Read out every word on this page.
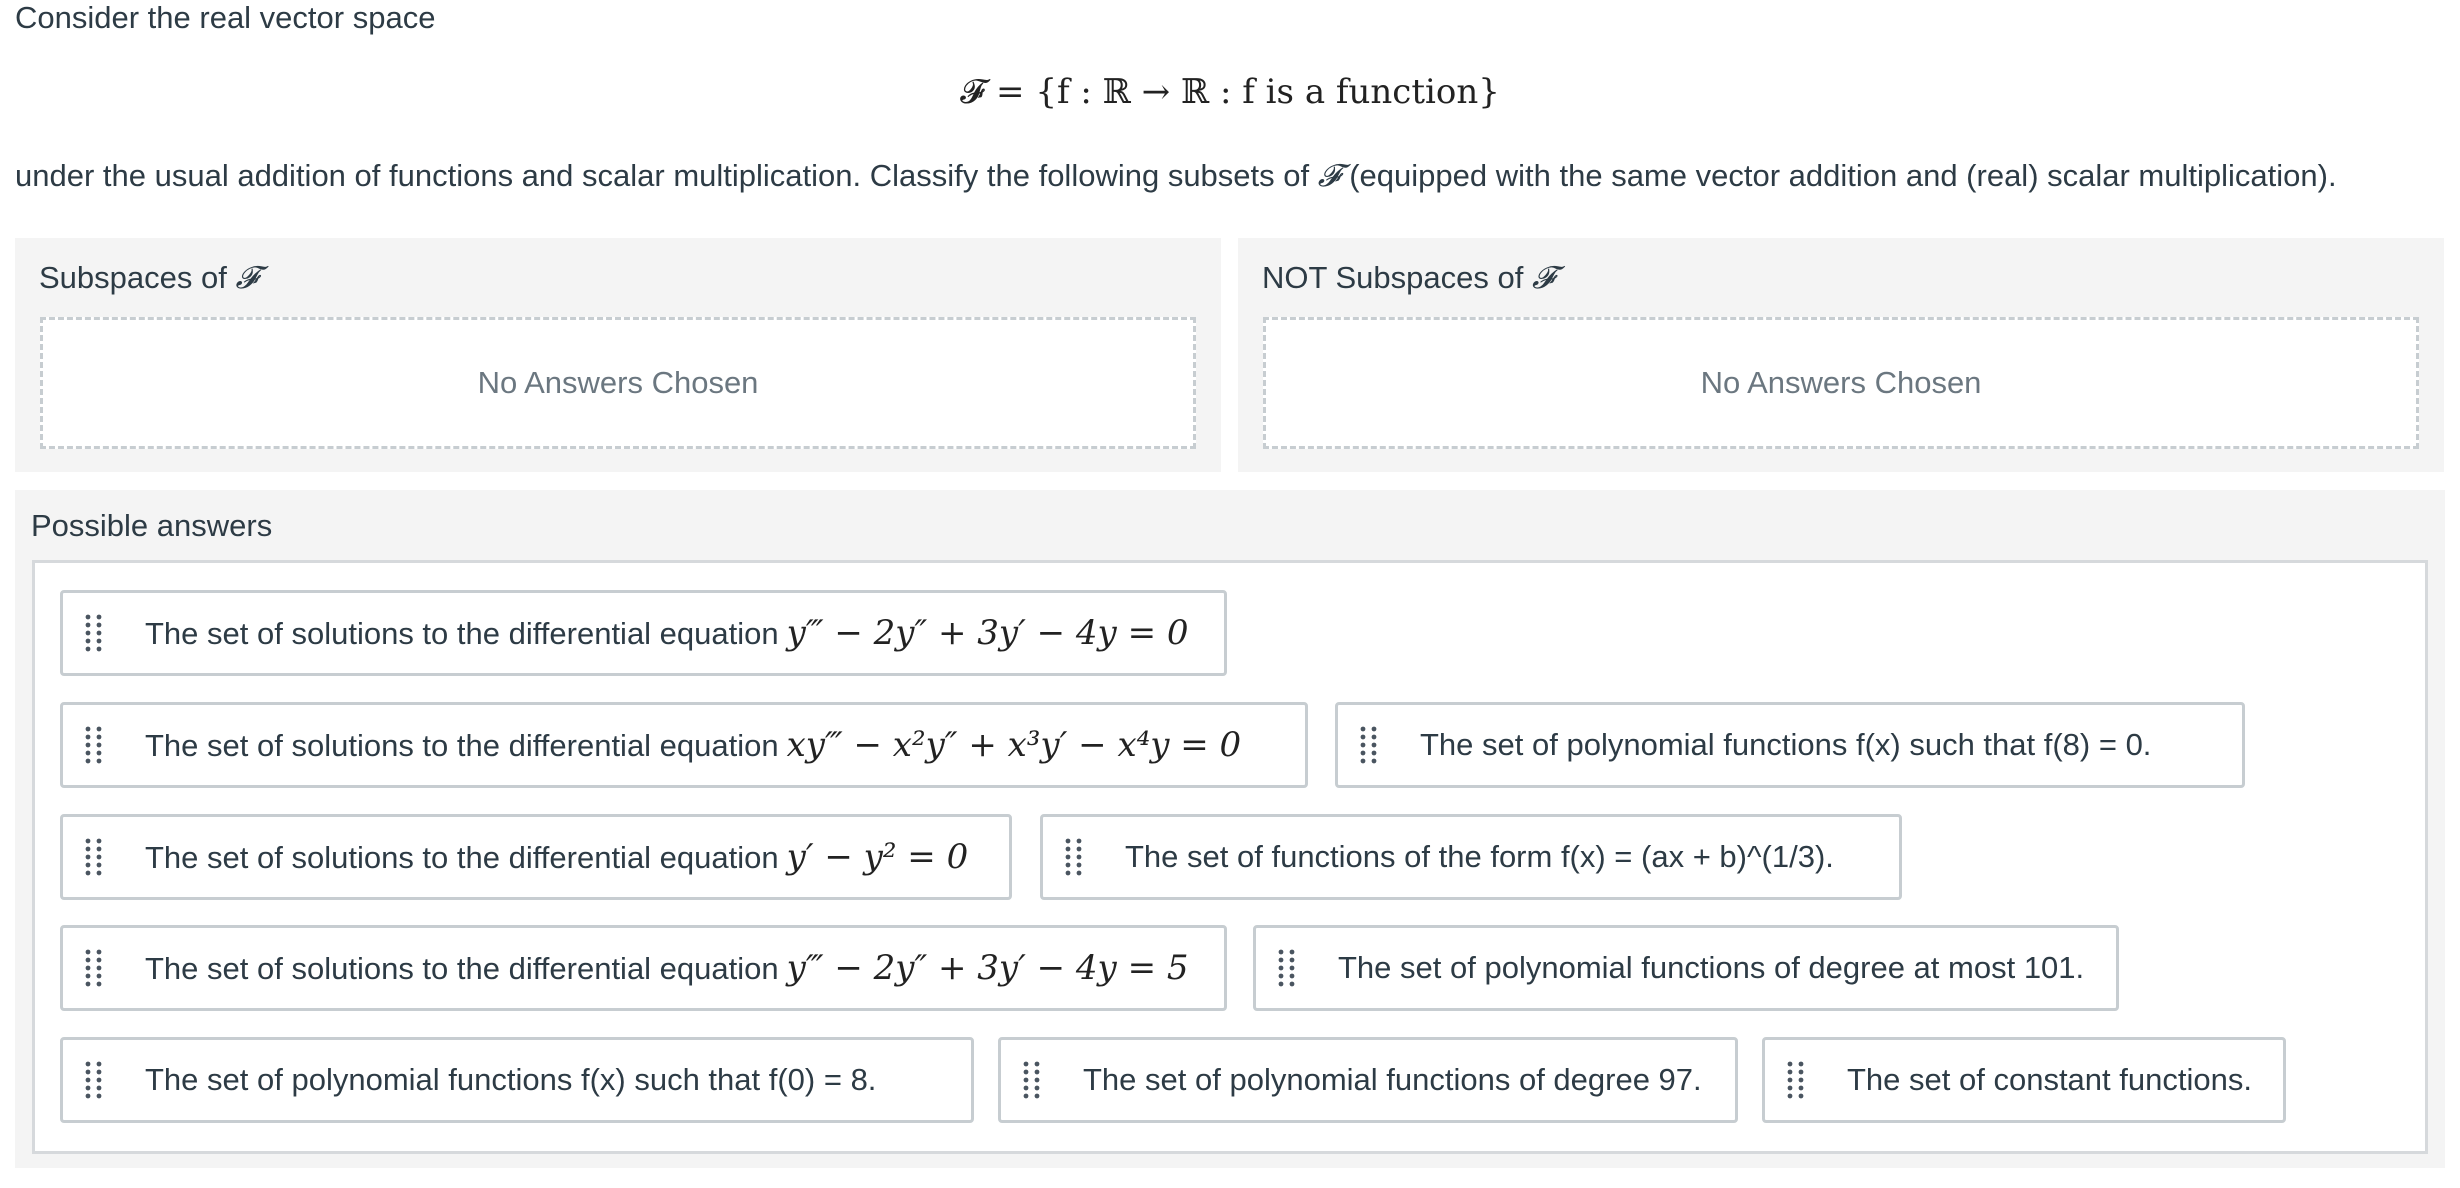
Consider the real vector space
𝓕 = {f : ℝ → ℝ : f is a function}
under the usual addition of functions and scalar multiplication. Classify the following subsets of 𝓕 (equipped with the same vector addition and (real) scalar multiplication).
Subspaces of 𝓕
No Answers Chosen
NOT Subspaces of 𝓕
No Answers Chosen
Possible answers
The set of solutions to the differential equation y‴ − 2y″ + 3y′ − 4y = 0
The set of solutions to the differential equation xy‴ − x²y″ + x³y′ − x⁴y = 0	The set of polynomial functions f(x) such that f(8) = 0.
The set of solutions to the differential equation y′ − y² = 0	The set of functions of the form f(x) = (ax + b)^(1/3).
The set of solutions to the differential equation y‴ − 2y″ + 3y′ − 4y = 5	The set of polynomial functions of degree at most 101.
The set of polynomial functions f(x) such that f(0) = 8.	The set of polynomial functions of degree 97.	The set of constant functions.
